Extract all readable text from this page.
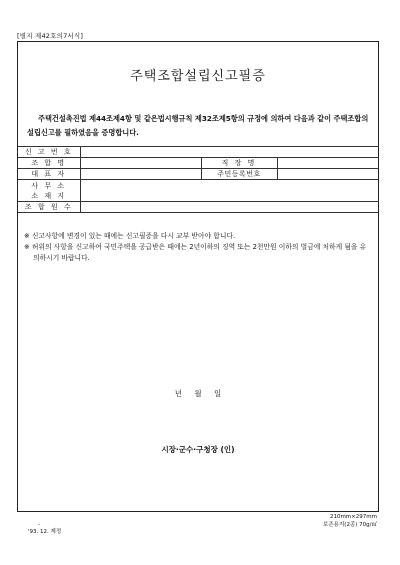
[별지 제42호의7서식]
주택조합설립신고필증
주택건설촉진법 제44조제4항 및 같은법시행규칙 제32조제5항의 규정에 의하여 다음과 같이 주택조합의 설립신고를 필하였음을 증명합니다.
신 고 번 호			
조 합 명		직 장 명	
대 표 자		주민등록번호	

사 무 소
소 재 지			

조 합 원 수			
※ 신고사항에 변경이 있는 때에는 신고필증을 다시 교부 받아야 합니다.
※ 허위의 사항을 신고하여 국민주택을 공급받은 때에는 2년이하의 징역 또는 2천만원 이하의 벌금에 처하게 됨을 유의하시기 바랍니다.
년 월 일
시장·군수·구청장 (인)
-
'93. 12. 제정
210mm×297mm
보존용지(2종) 70g/㎡
